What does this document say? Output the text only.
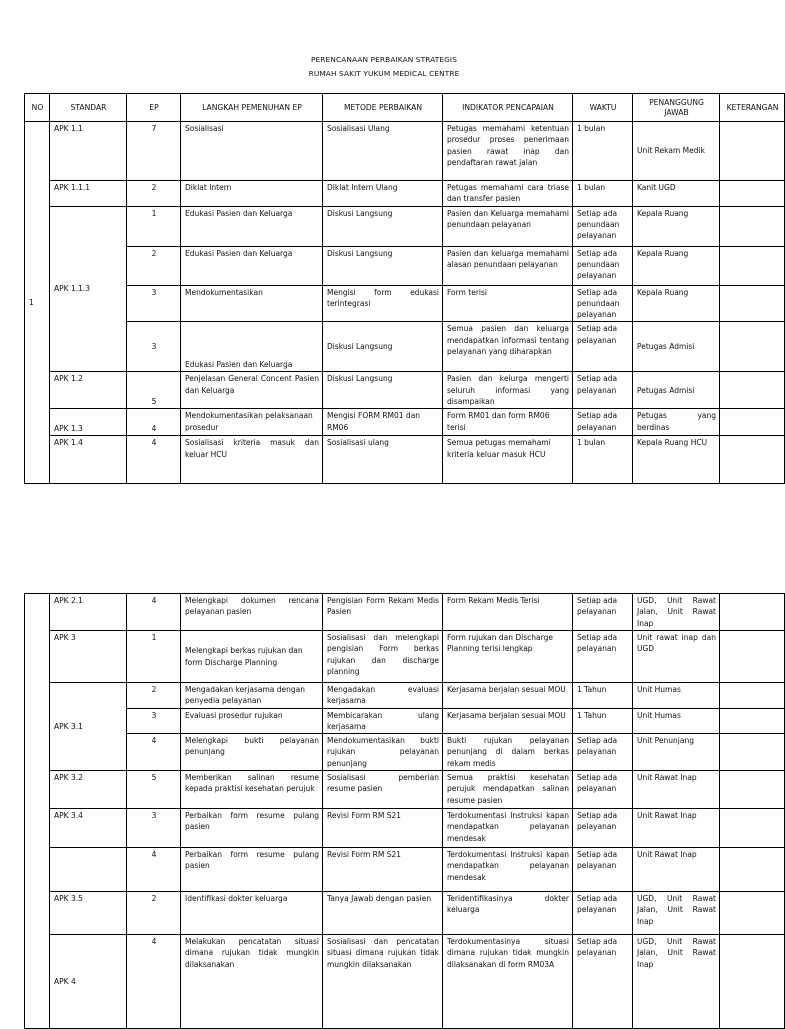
PERENCANAAN PERBAIKAN STRATEGIS
RUMAH SAKIT YUKUM MEDICAL CENTRE
NO	STANDAR	EP	LANGKAH PEMENUHAN EP	METODE PERBAIKAN	INDIKATOR PENCAPAIAN	WAKTU	PENANGGUNG JAWAB	KETERANGAN
1	APK 1.1	7	Sosialisasi	Sosialisasi Ulang	Petugas memahami ketentuan prosedur proses penerimaan pasien rawat inap dan pendaftaran rawat jalan	1 bulan	Unit Rekam Medik	
	APK 1.1.1	2	Diklat Intern	Diklat Intern Ulang	Petugas memahami cara triase dan transfer pasien	1 bulan	Kanit UGD	
	APK 1.1.3	1	Edukasi Pasien dan Keluarga	Diskusi Langsung	Pasien dan Keluarga memahami penundaan pelayanan	Setiap ada penundaan pelayanan	Kepala Ruang	
		2	Edukasi Pasien dan Keluarga	Diskusi Langsung	Pasien dan keluarga memahami alasan penundaan pelayanan	Setiap ada penundaan pelayanan	Kepala Ruang	
		3	Mendokumentasikan	Mengisi form edukasi terintegrasi	Form terisi	Setiap ada penundaan pelayanan	Kepala Ruang	
		3	Edukasi Pasien dan Keluarga	Diskusi Langsung	Semua pasien dan keluarga mendapatkan informasi tentang pelayanan yang diharapkan	Setiap ada pelayanan	Petugas Admisi	
	APK 1.2	5	Penjelasan General Concent Pasien dan Keluarga	Diskusi Langsung	Pasien dan kelurga mengerti seluruh informasi yang disampaikan	Setiap ada pelayanan	Petugas Admisi	
	APK 1.3	4	Mendokumentasikan pelaksanaan prosedur	Mengisi FORM RM01 dan RM06	Form RM01 dan form RM06 terisi	Setiap ada pelayanan	Petugas yang berdinas	
	APK 1.4	4	Sosialisasi kriteria masuk dan keluar HCU	Sosialisasi ulang	Semua petugas memahami kriteria keluar masuk HCU	1 bulan	Kepala Ruang HCU	
	APK 2.1	4	Melengkapi dokumen rencana pelayanan pasien	Pengisian Form Rekam Medis Pasien	Form Rekam Medis Terisi	Setiap ada pelayanan	UGD, Unit Rawat Jalan, Unit Rawat Inap	
	APK 3	1	Melengkapi berkas rujukan dan form Discharge Planning	Sosialisasi dan melengkapi pengisian Form berkas rujukan dan discharge planning	Form rujukan dan Discharge Planning terisi lengkap	Setiap ada pelayanan	Unit rawat inap dan UGD	
	APK 3.1	2	Mengadakan kerjasama dengan penyedia pelayanan	Mengadakan evaluasi kerjasama	Kerjasama berjalan sesuai MOU	1 Tahun	Unit Humas	
		3	Evaluasi prosedur rujukan	Membicarakan ulang kerjasama	Kerjasama berjalan sesuai MOU	1 Tahun	Unit Humas	
		4	Melengkapi bukti pelayanan penunjang	Mendokumentasikan bukti rujukan pelayanan penunjang	Bukti rujukan pelayanan penunjang di dalam berkas rekam medis	Setiap ada pelayanan	Unit Penunjang	
	APK 3.2	5	Memberikan salinan resume kepada praktisi kesehatan perujuk	Sosialisasi pemberian resume pasien	Semua praktisi kesehatan perujuk mendapatkan salinan resume pasien	Setiap ada pelayanan	Unit Rawat Inap	
	APK 3.4	3	Perbaikan form resume pulang pasien	Revisi Form RM S21	Terdokumentasi Instruksi kapan mendapatkan pelayanan mendesak	Setiap ada pelayanan	Unit Rawat Inap	
		4	Perbaikan form resume pulang pasien	Revisi Form RM S21	Terdokumentasi Instruksi kapan mendapatkan pelayanan mendesak	Setiap ada pelayanan	Unit Rawat Inap	
	APK 3.5	2	Identifikasi dokter keluarga	Tanya Jawab dengan pasien	Teridentifikasinya dokter keluarga	Setiap ada pelayanan	UGD, Unit Rawat Jalan, Unit Rawat Inap	
	APK 4	4	Melakukan pencatatan situasi dimana rujukan tidak mungkin dilaksanakan	Sosialisasi dan pencatatan situasi dimana rujukan tidak mungkin dilaksanakan	Terdokumentasinya situasi dimana rujukan tidak mungkin dilaksanakan di form RM03A	Setiap ada pelayanan	UGD, Unit Rawat Jalan, Unit Rawat Inap	
